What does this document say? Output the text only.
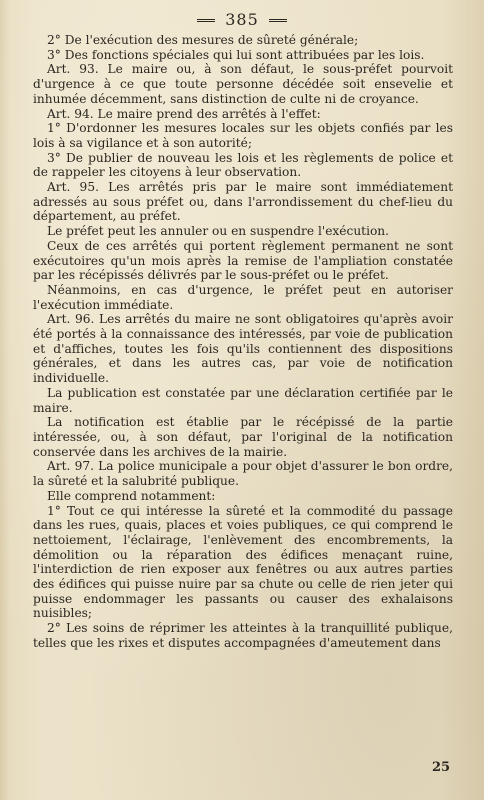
385

2° De l'exécution des mesures de sûreté générale;

3° Des fonctions spéciales qui lui sont attribuées par les lois.

Art. 93. Le maire ou, à son défaut, le sous-préfet pourvoit d'urgence à ce que toute personne décédée soit ensevelie et inhumée décemment, sans distinction de culte ni de croyance.

Art. 94. Le maire prend des arrêtés à l'effet:

1° D'ordonner les mesures locales sur les objets confiés par les lois à sa vigilance et à son autorité;

3° De publier de nouveau les lois et les règlements de police et de rappeler les citoyens à leur observation.

Art. 95. Les arrêtés pris par le maire sont immédiatement adressés au sous préfet ou, dans l'arrondissement du chef-lieu du département, au préfet.

Le préfet peut les annuler ou en suspendre l'exécution.

Ceux de ces arrêtés qui portent règlement permanent ne sont exécutoires qu'un mois après la remise de l'ampliation constatée par les récépissés délivrés par le sous-préfet ou le préfet.

Néanmoins, en cas d'urgence, le préfet peut en autoriser l'exécution immédiate.

Art. 96. Les arrêtés du maire ne sont obligatoires qu'après avoir été portés à la connaissance des intéressés, par voie de publication et d'affiches, toutes les fois qu'ils contiennent des dispositions générales, et dans les autres cas, par voie de notification individuelle.

La publication est constatée par une déclaration certifiée par le maire.

La notification est établie par le récépissé de la partie intéressée, ou, à son défaut, par l'original de la notification conservée dans les archives de la mairie.

Art. 97. La police municipale a pour objet d'assurer le bon ordre, la sûreté et la salubrité publique.

Elle comprend notamment:

1° Tout ce qui intéresse la sûreté et la commodité du passage dans les rues, quais, places et voies publiques, ce qui comprend le nettoiement, l'éclairage, l'enlèvement des encombrements, la démolition ou la réparation des édifices menaçant ruine, l'interdiction de rien exposer aux fenêtres ou aux autres parties des édifices qui puisse nuire par sa chute ou celle de rien jeter qui puisse endommager les passants ou causer des exhalaisons nuisibles;

2° Les soins de réprimer les atteintes à la tranquillité publique, telles que les rixes et disputes accompagnées d'ameutement dans

25
